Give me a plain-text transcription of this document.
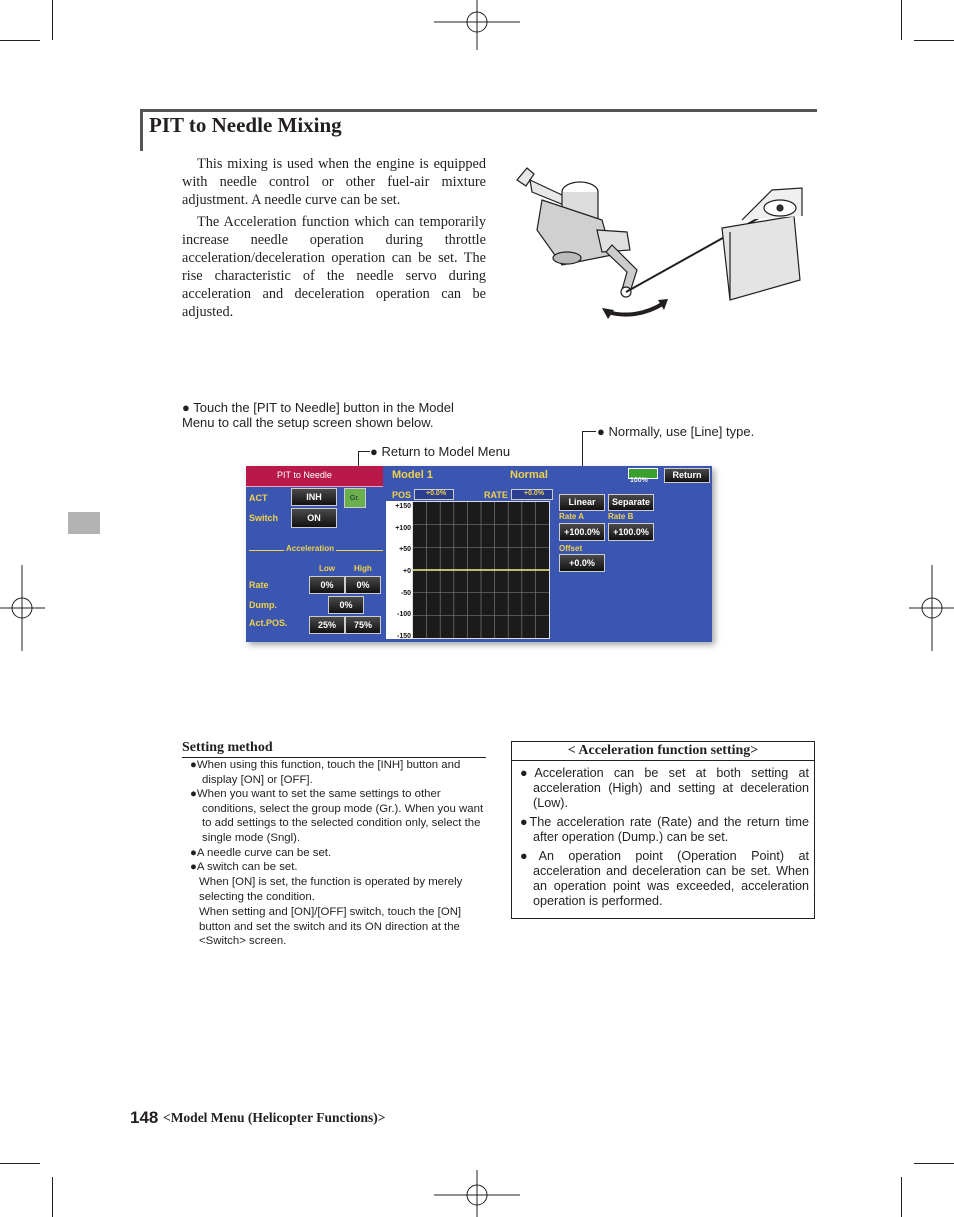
PIT to Needle Mixing

This mixing is used when the engine is equipped with needle control or other fuel-air mixture adjustment. A needle curve can be set.

The Acceleration function which can temporarily increase needle operation during throttle acceleration/deceleration operation can be set. The rise characteristic of the needle servo during acceleration and deceleration operation can be adjusted.

● Touch the [PIT to Needle] button in the Model Menu to call the setup screen shown below.
● Return to Model Menu
● Normally, use [Line] type.
PIT to Needle	Model 1	Normal	100%
Return
ACT	INH	Gr.
Switch	ON
Acceleration
Low High
Rate	0%	0%
Dump.	0%
Act.POS.	25%	75%
POS +0.0%	RATE +0.0%
+150
+100
+50
+0
-50
-100
-150
Linear	Separate
Rate A	Rate B
+100.0%	+100.0%
Offset
+0.0%
Setting method
●When using this function, touch the [INH] button and display [ON] or [OFF].
●When you want to set the same settings to other conditions, select the group mode (Gr.). When you want to add settings to the selected condition only, select the single mode (Sngl).
●A needle curve can be set.
●A switch can be set.
When [ON] is set, the function is operated by merely selecting the condition.
When setting and [ON]/[OFF] switch, touch the [ON] button and set the switch and its ON direction at the <Switch> screen.
< Acceleration function setting>
●Acceleration can be set at both setting at acceleration (High) and setting at deceleration (Low).
●The acceleration rate (Rate) and the return time after operation (Dump.) can be set.
●An operation point (Operation Point) at acceleration and deceleration can be set. When an operation point was exceeded, acceleration operation is performed.
148 <Model Menu (Helicopter Functions)>
